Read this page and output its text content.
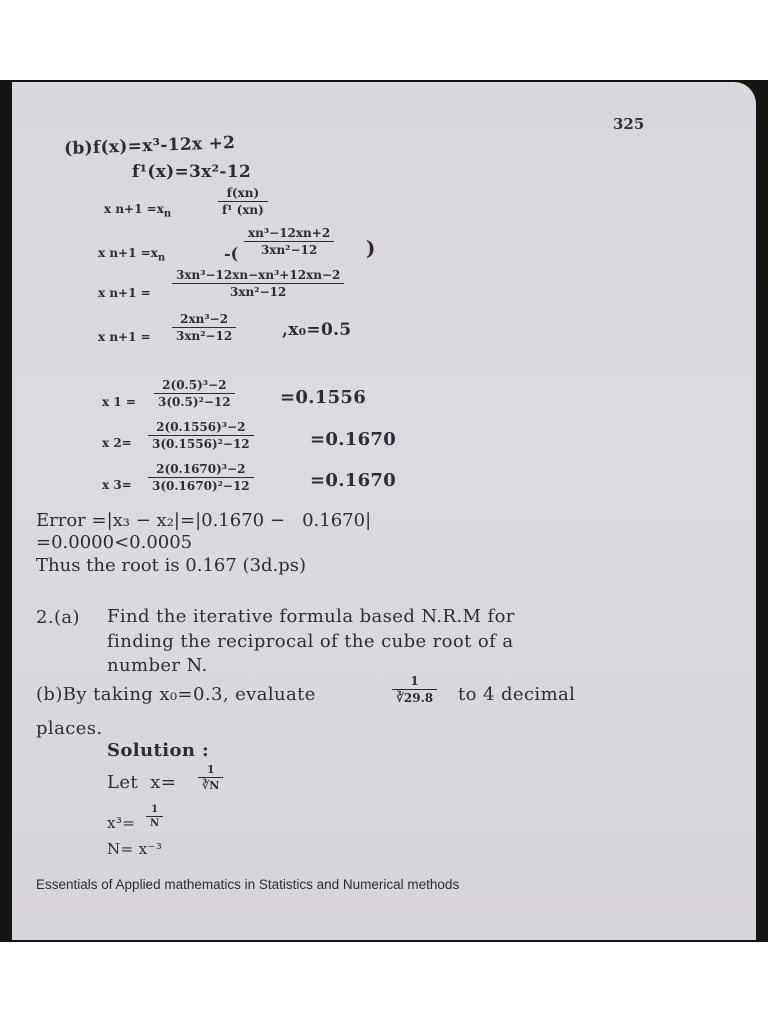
325
(b)f(x)=x³-12x +2
f¹(x)=3x²-12
x $n+1 =x_n$	$\frac{f(xn)}{\text{f¹ (xn)}}$
x $n+1 =x_n$	-( $\frac{\text{xn³−12xn+2}}{\text{3xn²−12}}$ )
x $n+1 = \frac{\text{3xn³−12xn−xn³+12xn−2}}{\text{3xn²−12}}$
x $n+1 = \frac{\text{2xn³−2}}{\text{3xn²−12}}$	,x₀=0.5
x $1 = \frac{\text{2(0.5)³−2}}{\text{3(0.5)²−12}}$	=0.1556
x $2= \frac{\text{2(0.1556)³−2}}{\text{3(0.1556)²−12}}$	=0.1670
x $3= \frac{\text{2(0.1670)³−2}}{\text{3(0.1670)²−12}}$	=0.1670
Error =|x₃ − x₂|=|0.1670 −   0.1670|
=0.0000<0.0005
Thus the root is 0.167 (3d.ps)
2.(a) Find the iterative formula based N.R.M for
finding the reciprocal of the cube root of a
number N.
(b)By taking x₀=0.3, evaluate	$\frac{1}{∛29.8}$ to 4 decimal
places.
Solution :
Let  $x= \frac{1}{∛N}$
$x^3= \frac{1}{N}$
N= x⁻³
Essentials of Applied mathematics in Statistics and Numerical methods
